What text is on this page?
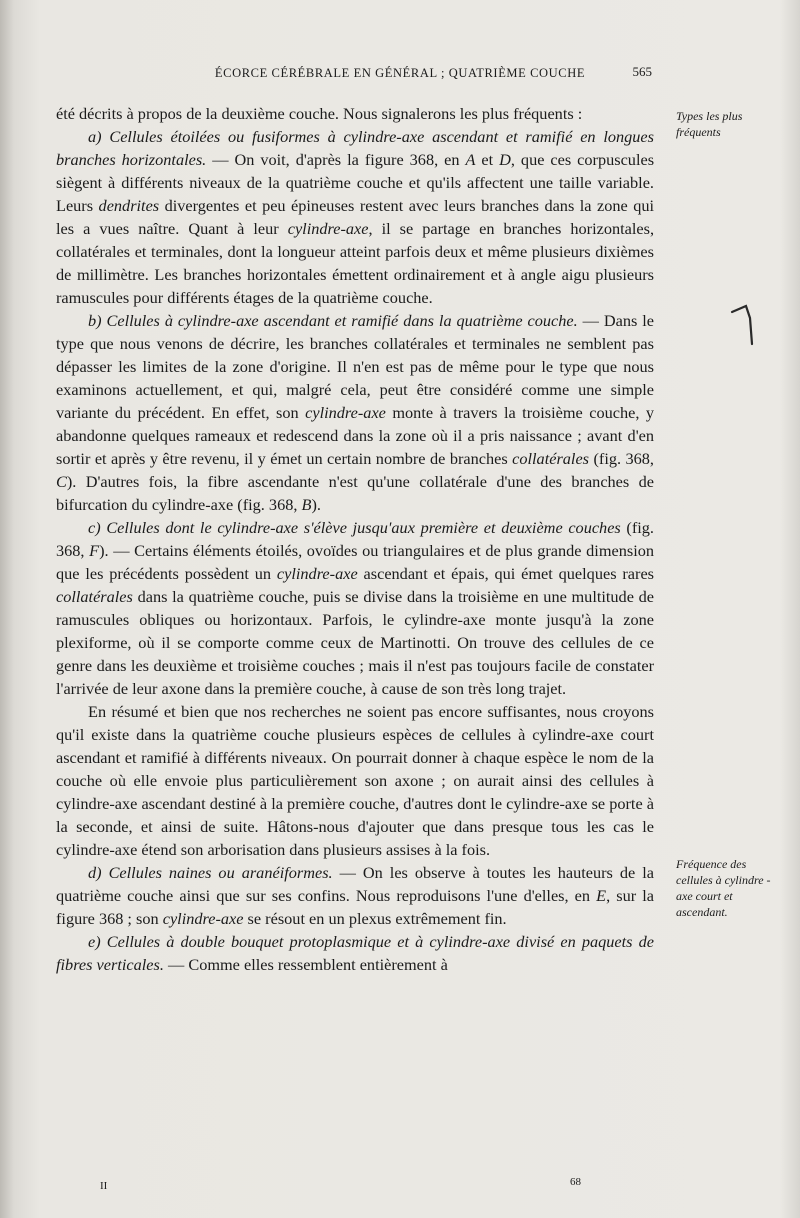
ÉCORCE CÉRÉBRALE EN GÉNÉRAL ; QUATRIÈME COUCHE	565

été décrits à propos de la deuxième couche. Nous signalerons les plus fréquents :

a) Cellules étoilées ou fusiformes à cylindre-axe ascendant et ramifié en longues branches horizontales. — On voit, d'après la figure 368, en A et D, que ces corpuscules siègent à différents niveaux de la quatrième couche et qu'ils affectent une taille variable. Leurs dendrites divergentes et peu épineuses restent avec leurs branches dans la zone qui les a vues naître. Quant à leur cylindre-axe, il se partage en branches horizontales, collatérales et terminales, dont la longueur atteint parfois deux et même plusieurs dixièmes de millimètre. Les branches horizontales émettent ordinairement et à angle aigu plusieurs ramuscules pour différents étages de la quatrième couche.

b) Cellules à cylindre-axe ascendant et ramifié dans la quatrième couche. — Dans le type que nous venons de décrire, les branches collatérales et terminales ne semblent pas dépasser les limites de la zone d'origine. Il n'en est pas de même pour le type que nous examinons actuellement, et qui, malgré cela, peut être considéré comme une simple variante du précédent. En effet, son cylindre-axe monte à travers la troisième couche, y abandonne quelques rameaux et redescend dans la zone où il a pris naissance ; avant d'en sortir et après y être revenu, il y émet un certain nombre de branches collatérales (fig. 368, C). D'autres fois, la fibre ascendante n'est qu'une collatérale d'une des branches de bifurcation du cylindre-axe (fig. 368, B).

c) Cellules dont le cylindre-axe s'élève jusqu'aux première et deuxième couches (fig. 368, F). — Certains éléments étoilés, ovoïdes ou triangulaires et de plus grande dimension que les précédents possèdent un cylindre-axe ascendant et épais, qui émet quelques rares collatérales dans la quatrième couche, puis se divise dans la troisième en une multitude de ramuscules obliques ou horizontaux. Parfois, le cylindre-axe monte jusqu'à la zone plexiforme, où il se comporte comme ceux de Martinotti. On trouve des cellules de ce genre dans les deuxième et troisième couches ; mais il n'est pas toujours facile de constater l'arrivée de leur axone dans la première couche, à cause de son très long trajet.

En résumé et bien que nos recherches ne soient pas encore suffisantes, nous croyons qu'il existe dans la quatrième couche plusieurs espèces de cellules à cylindre-axe court ascendant et ramifié à différents niveaux. On pourrait donner à chaque espèce le nom de la couche où elle envoie plus particulièrement son axone ; on aurait ainsi des cellules à cylindre-axe ascendant destiné à la première couche, d'autres dont le cylindre-axe se porte à la seconde, et ainsi de suite. Hâtons-nous d'ajouter que dans presque tous les cas le cylindre-axe étend son arborisation dans plusieurs assises à la fois.

d) Cellules naines ou aranéiformes. — On les observe à toutes les hauteurs de la quatrième couche ainsi que sur ses confins. Nous reproduisons l'une d'elles, en E, sur la figure 368 ; son cylindre-axe se résout en un plexus extrêmement fin.

e) Cellules à double bouquet protoplasmique et à cylindre-axe divisé en paquets de fibres verticales. — Comme elles ressemblent entièrement à

Types les plus fréquents
Fréquence des cellules à cylindre - axe court et ascendant.
II	68
